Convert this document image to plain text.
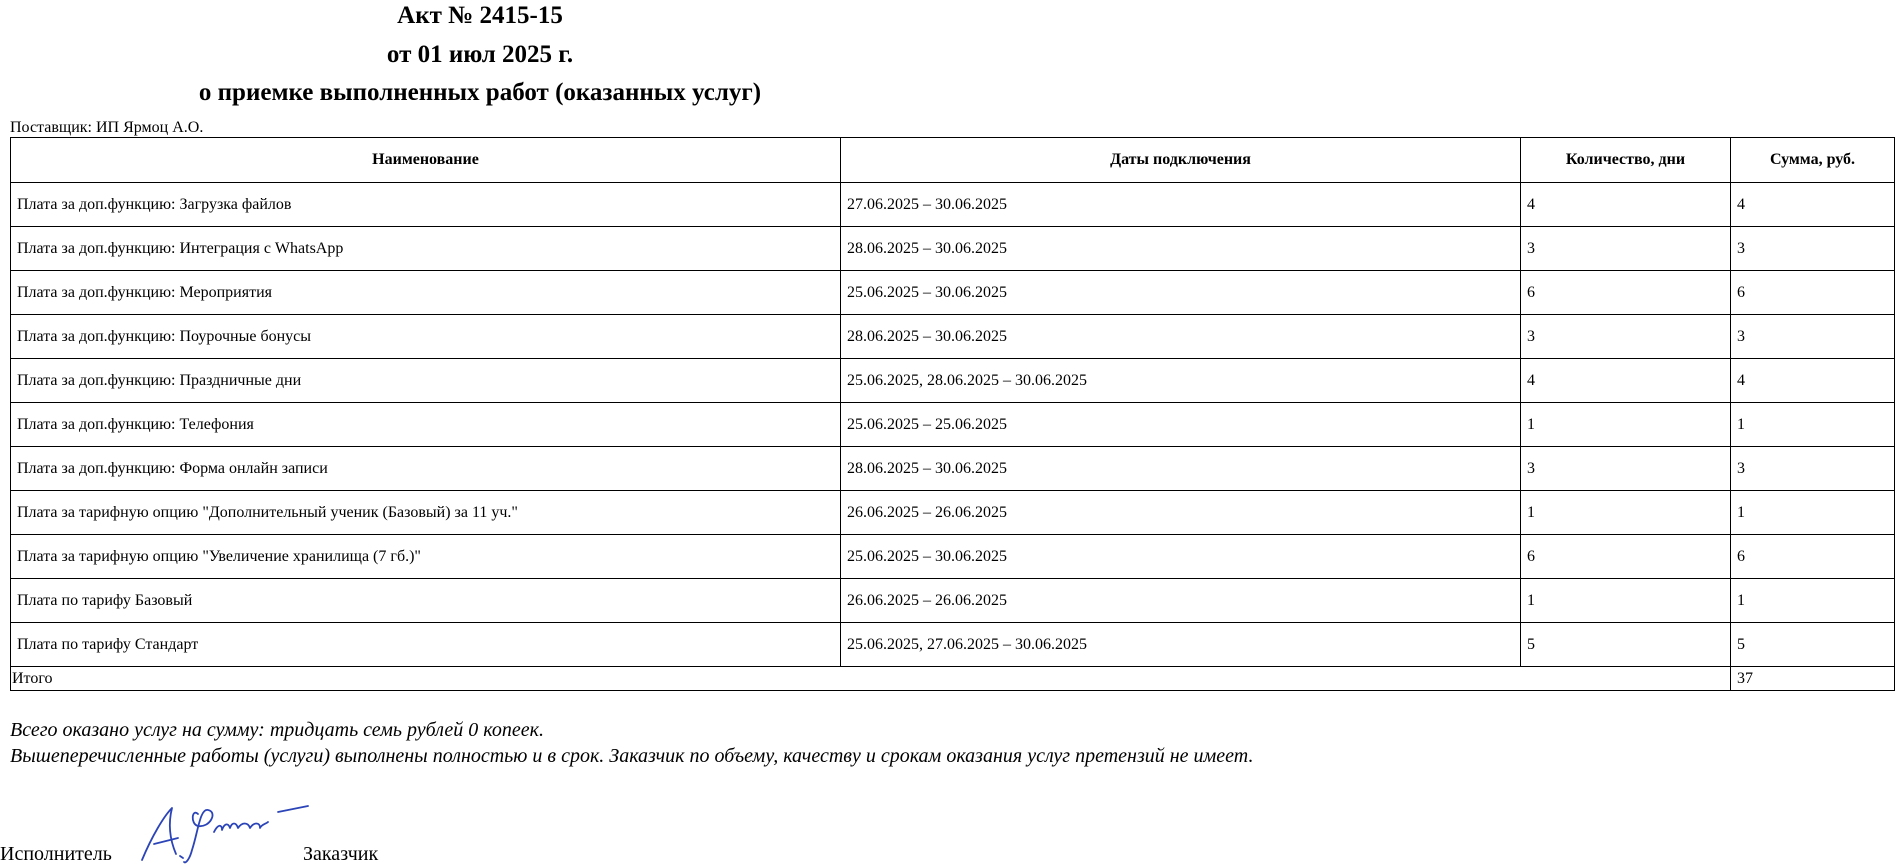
Акт № 2415-15
от 01 июл 2025 г.
о приемке выполненных работ (оказанных услуг)
Поставщик: ИП Ярмоц А.О.
Наименование	Даты подключения	Количество, дни	Сумма, руб.
Плата за доп.функцию: Загрузка файлов	27.06.2025 – 30.06.2025	4	4
Плата за доп.функцию: Интеграция с WhatsApp	28.06.2025 – 30.06.2025	3	3
Плата за доп.функцию: Мероприятия	25.06.2025 – 30.06.2025	6	6
Плата за доп.функцию: Поурочные бонусы	28.06.2025 – 30.06.2025	3	3
Плата за доп.функцию: Праздничные дни	25.06.2025, 28.06.2025 – 30.06.2025	4	4
Плата за доп.функцию: Телефония	25.06.2025 – 25.06.2025	1	1
Плата за доп.функцию: Форма онлайн записи	28.06.2025 – 30.06.2025	3	3
Плата за тарифную опцию "Дополнительный ученик (Базовый) за 11 уч."	26.06.2025 – 26.06.2025	1	1
Плата за тарифную опцию "Увеличение хранилища (7 гб.)"	25.06.2025 – 30.06.2025	6	6
Плата по тарифу Базовый	26.06.2025 – 26.06.2025	1	1
Плата по тарифу Стандарт	25.06.2025, 27.06.2025 – 30.06.2025	5	5
Итого			37
Всего оказано услуг на сумму: тридцать семь рублей 0 копеек.
Вышеперечисленные работы (услуги) выполнены полностью и в срок. Заказчик по объему, качеству и срокам оказания услуг претензий не имеет.
Исполнитель	Заказчик
